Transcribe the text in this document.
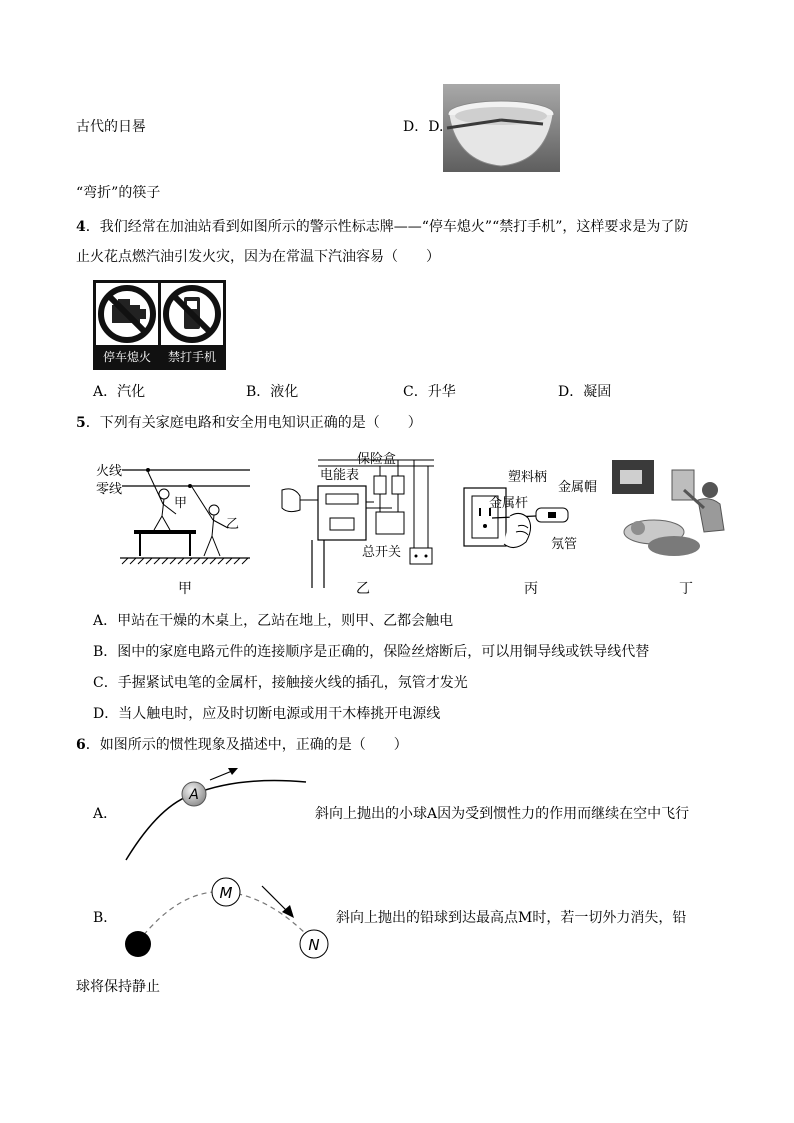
古代的日晷	D．D.
“弯折”的筷子
4．我们经常在加油站看到如图所示的警示性标志牌——“停车熄火”“禁打手机”，这样要求是为了防
止火花点燃汽油引发火灾，因为在常温下汽油容易（　　）
停车熄火	禁打手机
A．汽化	B．液化	C．升华	D．凝固
5．下列有关家庭电路和安全用电知识正确的是（　　）
火线
零线
甲
乙
电能表
保险盒
总开关
塑料柄
金属帽
金属杆
氖管
甲	乙	丙	丁
A．甲站在干燥的木桌上，乙站在地上，则甲、乙都会触电
B．图中的家庭电路元件的连接顺序是正确的，保险丝熔断后，可以用铜导线或铁导线代替
C．手握紧试电笔的金属杆，接触接火线的插孔，氖管才发光
D．当人触电时，应及时切断电源或用干木棒挑开电源线
6．如图所示的惯性现象及描述中，正确的是（　　）
A．
A
斜向上抛出的小球A因为受到惯性力的作用而继续在空中飞行
B．
M
N
斜向上抛出的铅球到达最高点M时，若一切外力消失，铅
球将保持静止
